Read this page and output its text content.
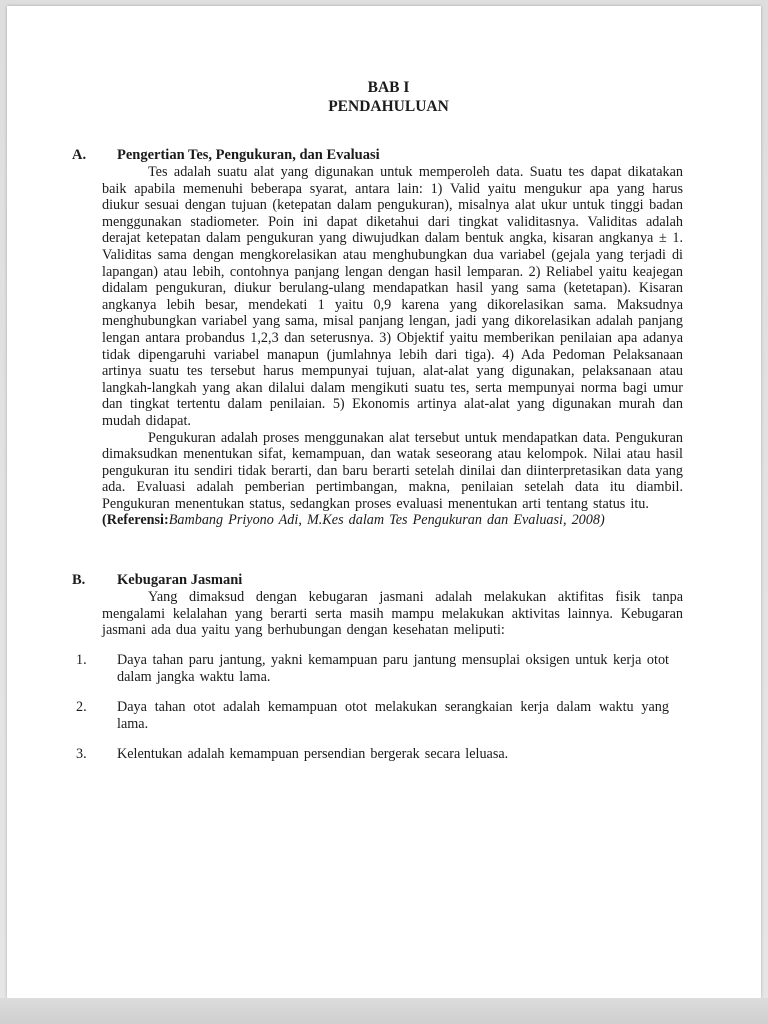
BAB I
PENDAHULUAN
A.	Pengertian Tes, Pengukuran, dan Evaluasi

Tes adalah suatu alat yang digunakan untuk memperoleh data. Suatu tes dapat dikatakan baik apabila memenuhi beberapa syarat, antara lain: 1) Valid yaitu mengukur apa yang harus diukur sesuai dengan tujuan (ketepatan dalam pengukuran), misalnya alat ukur untuk tinggi badan menggunakan stadiometer. Poin ini dapat diketahui dari tingkat validitasnya. Validitas adalah derajat ketepatan dalam pengukuran yang diwujudkan dalam bentuk angka, kisaran angkanya ± 1. Validitas sama dengan mengkorelasikan atau menghubungkan dua variabel (gejala yang terjadi di lapangan) atau lebih, contohnya panjang lengan dengan hasil lemparan. 2) Reliabel yaitu keajegan didalam pengukuran, diukur berulang-ulang mendapatkan hasil yang sama (ketetapan). Kisaran angkanya lebih besar, mendekati 1 yaitu 0,9 karena yang dikorelasikan sama. Maksudnya menghubungkan variabel yang sama, misal panjang lengan, jadi yang dikorelasikan adalah panjang lengan antara probandus 1,2,3 dan seterusnya. 3) Objektif yaitu memberikan penilaian apa adanya tidak dipengaruhi variabel manapun (jumlahnya lebih dari tiga). 4) Ada Pedoman Pelaksanaan artinya suatu tes tersebut harus mempunyai tujuan, alat-alat yang digunakan, pelaksanaan atau langkah-langkah yang akan dilalui dalam mengikuti suatu tes, serta mempunyai norma bagi umur dan tingkat tertentu dalam penilaian. 5) Ekonomis artinya alat-alat yang digunakan murah dan mudah didapat.

Pengukuran adalah proses menggunakan alat tersebut untuk mendapatkan data. Pengukuran dimaksudkan menentukan sifat, kemampuan, dan watak seseorang atau kelompok. Nilai atau hasil pengukuran itu sendiri tidak berarti, dan baru berarti setelah dinilai dan diinterpretasikan data yang ada. Evaluasi adalah pemberian pertimbangan, makna, penilaian setelah data itu diambil. Pengukuran menentukan status, sedangkan proses evaluasi menentukan arti tentang status itu.

(Referensi:Bambang Priyono Adi, M.Kes dalam Tes Pengukuran dan Evaluasi, 2008)

B.	Kebugaran Jasmani

Yang dimaksud dengan kebugaran jasmani adalah melakukan aktifitas fisik tanpa mengalami kelalahan yang berarti serta masih mampu melakukan aktivitas lainnya. Kebugaran jasmani ada dua yaitu yang berhubungan dengan kesehatan meliputi:

1.	Daya tahan paru jantung, yakni kemampuan paru jantung mensuplai oksigen untuk kerja otot dalam jangka waktu lama.
2.	Daya tahan otot adalah kemampuan otot melakukan serangkaian kerja dalam waktu yang lama.
3.	Kelentukan adalah kemampuan persendian bergerak secara leluasa.
